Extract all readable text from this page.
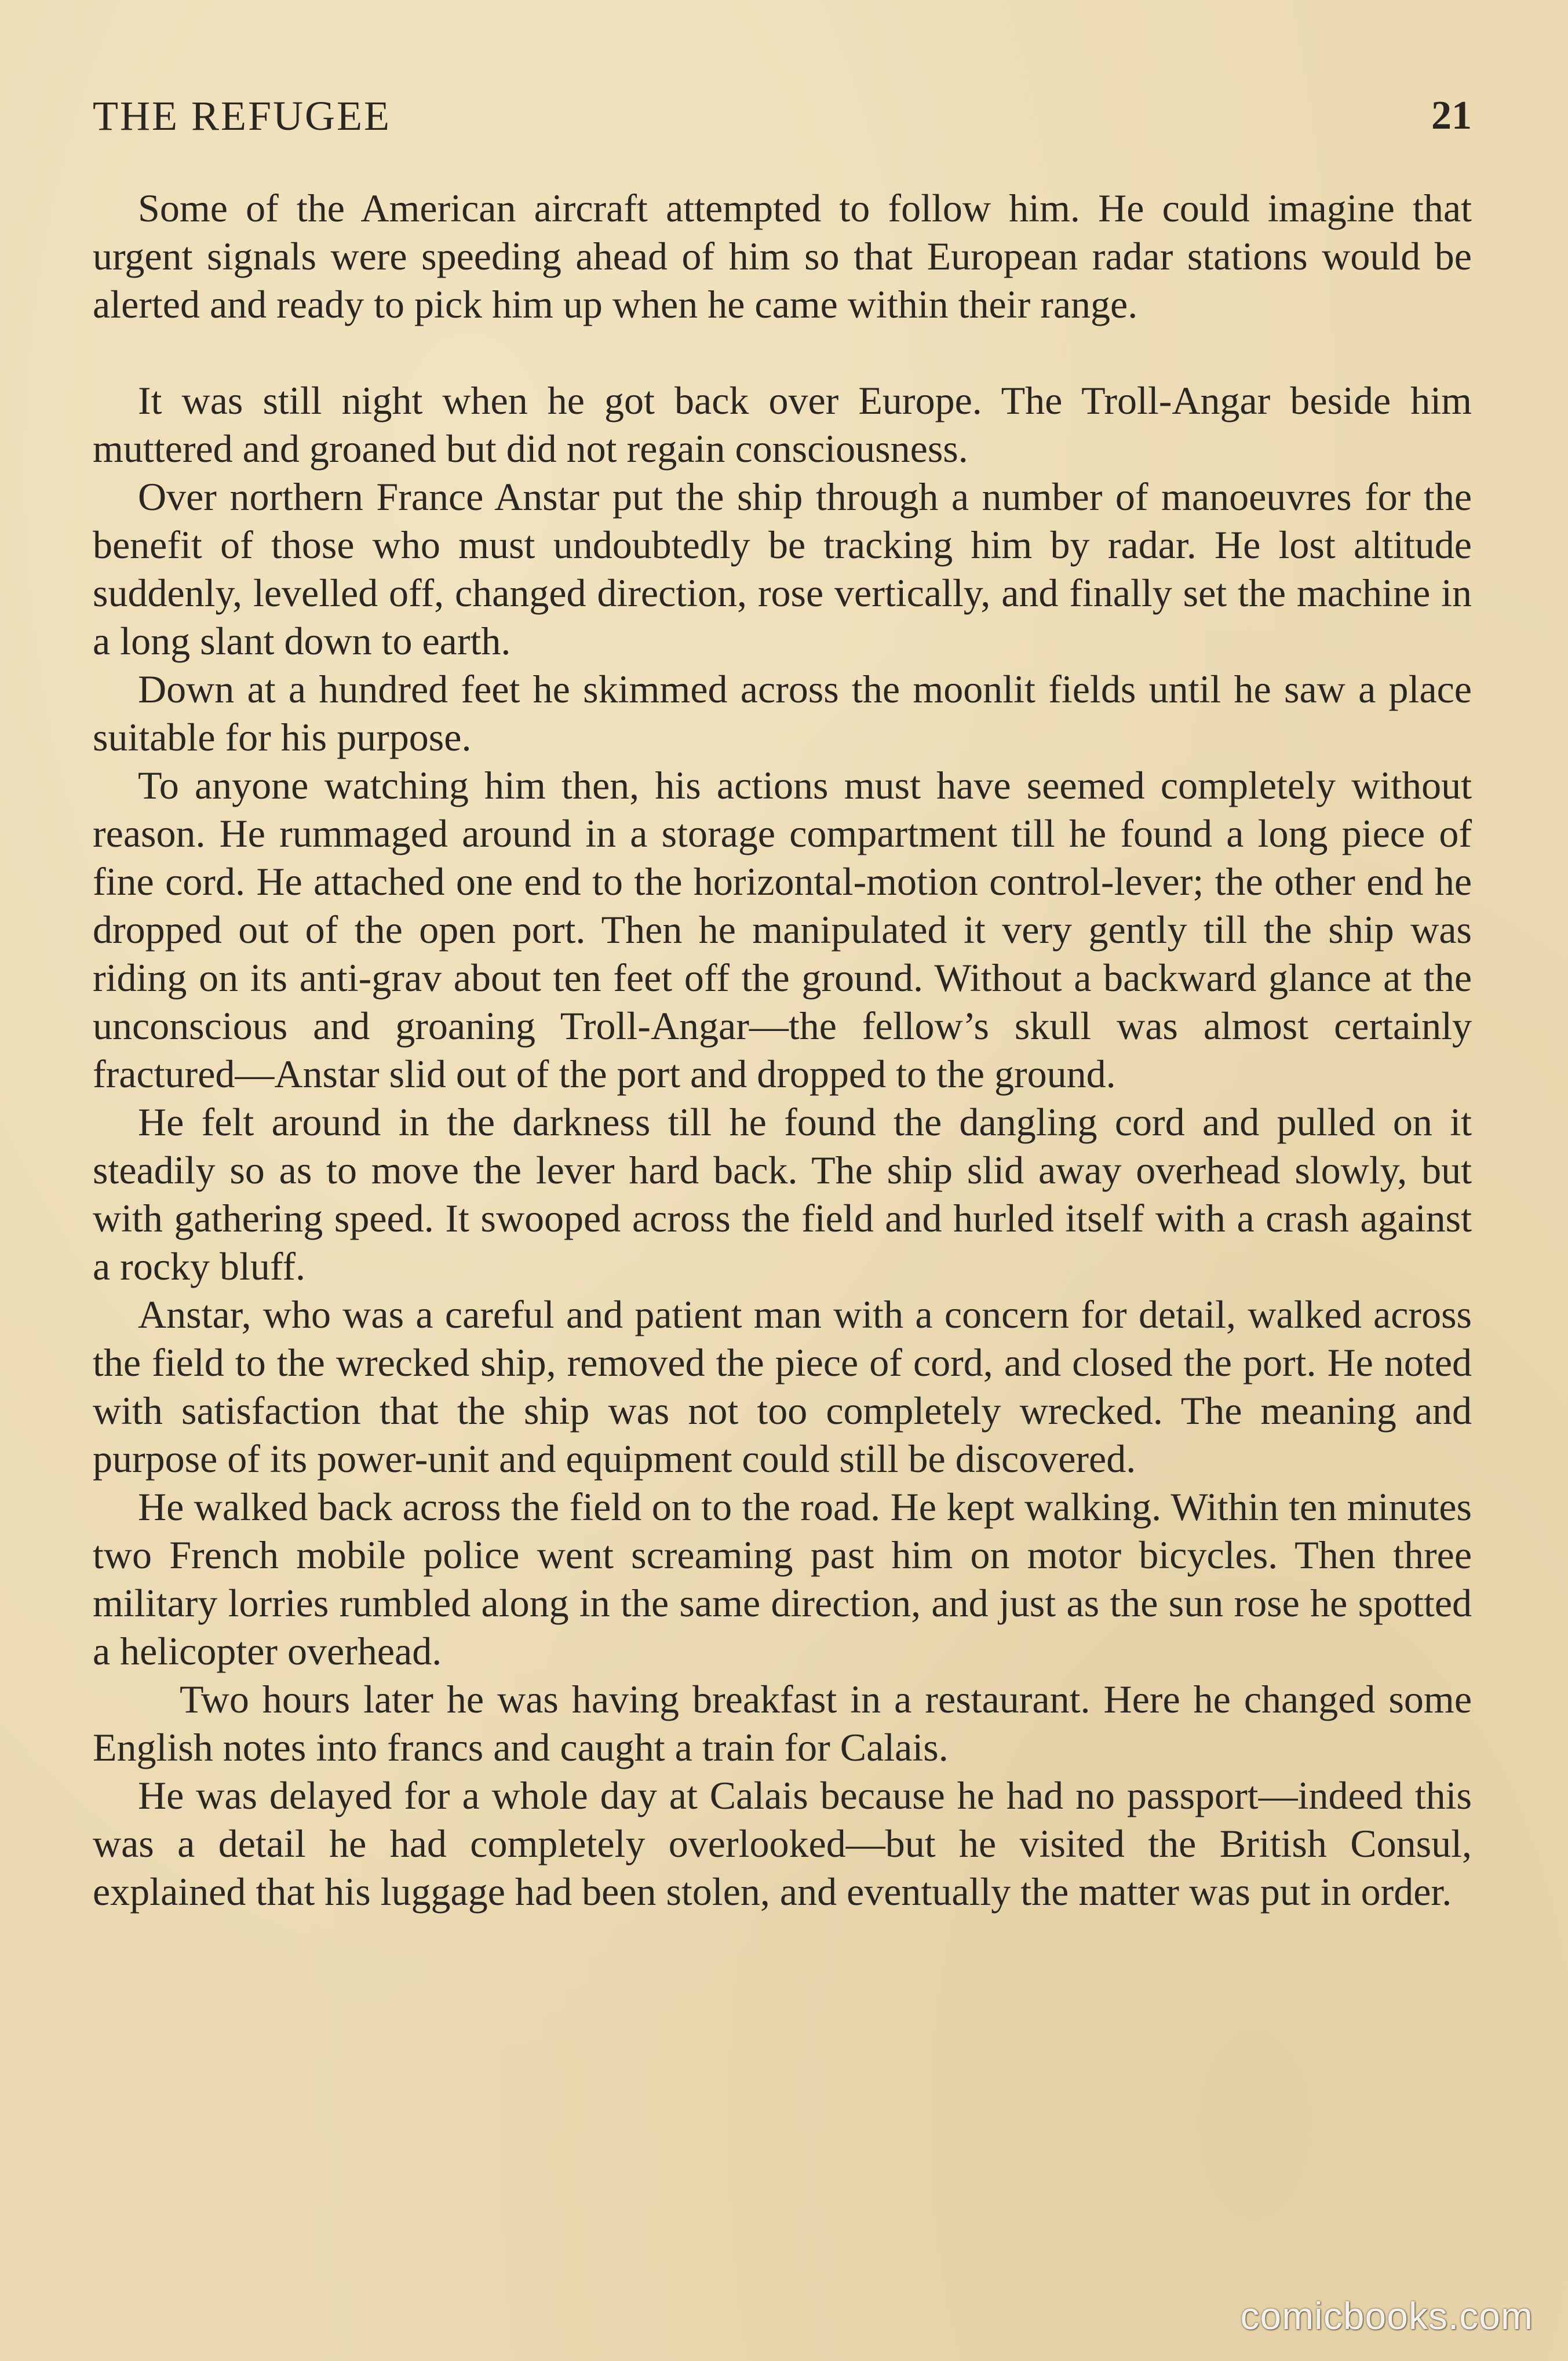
THE REFUGEE	21

Some of the American aircraft attempted to follow him. He could imagine that urgent signals were speeding ahead of him so that European radar stations would be alerted and ready to pick him up when he came within their range.

It was still night when he got back over Europe. The Troll-Angar beside him muttered and groaned but did not regain consciousness.

Over northern France Anstar put the ship through a number of manoeuvres for the benefit of those who must undoubtedly be tracking him by radar. He lost altitude suddenly, levelled off, changed direction, rose vertically, and finally set the machine in a long slant down to earth.

Down at a hundred feet he skimmed across the moonlit fields until he saw a place suitable for his purpose.

To anyone watching him then, his actions must have seemed completely without reason. He rummaged around in a storage compartment till he found a long piece of fine cord. He attached one end to the horizontal-motion control-lever; the other end he dropped out of the open port. Then he manipulated it very gently till the ship was riding on its anti-grav about ten feet off the ground. Without a backward glance at the unconscious and groaning Troll-Angar—the fellow’s skull was almost certainly fractured—Anstar slid out of the port and dropped to the ground.

He felt around in the darkness till he found the dangling cord and pulled on it steadily so as to move the lever hard back. The ship slid away overhead slowly, but with gathering speed. It swooped across the field and hurled itself with a crash against a rocky bluff.

Anstar, who was a careful and patient man with a concern for detail, walked across the field to the wrecked ship, removed the piece of cord, and closed the port. He noted with satisfaction that the ship was not too completely wrecked. The meaning and purpose of its power-unit and equipment could still be discovered.

He walked back across the field on to the road. He kept walking. Within ten minutes two French mobile police went screaming past him on motor bicycles. Then three military lorries rumbled along in the same direction, and just as the sun rose he spotted a helicopter overhead.

Two hours later he was having breakfast in a restaurant. Here he changed some English notes into francs and caught a train for Calais.

He was delayed for a whole day at Calais because he had no passport—indeed this was a detail he had completely overlooked—but he visited the British Consul, explained that his luggage had been stolen, and eventually the matter was put in order.

comicbooks.com
